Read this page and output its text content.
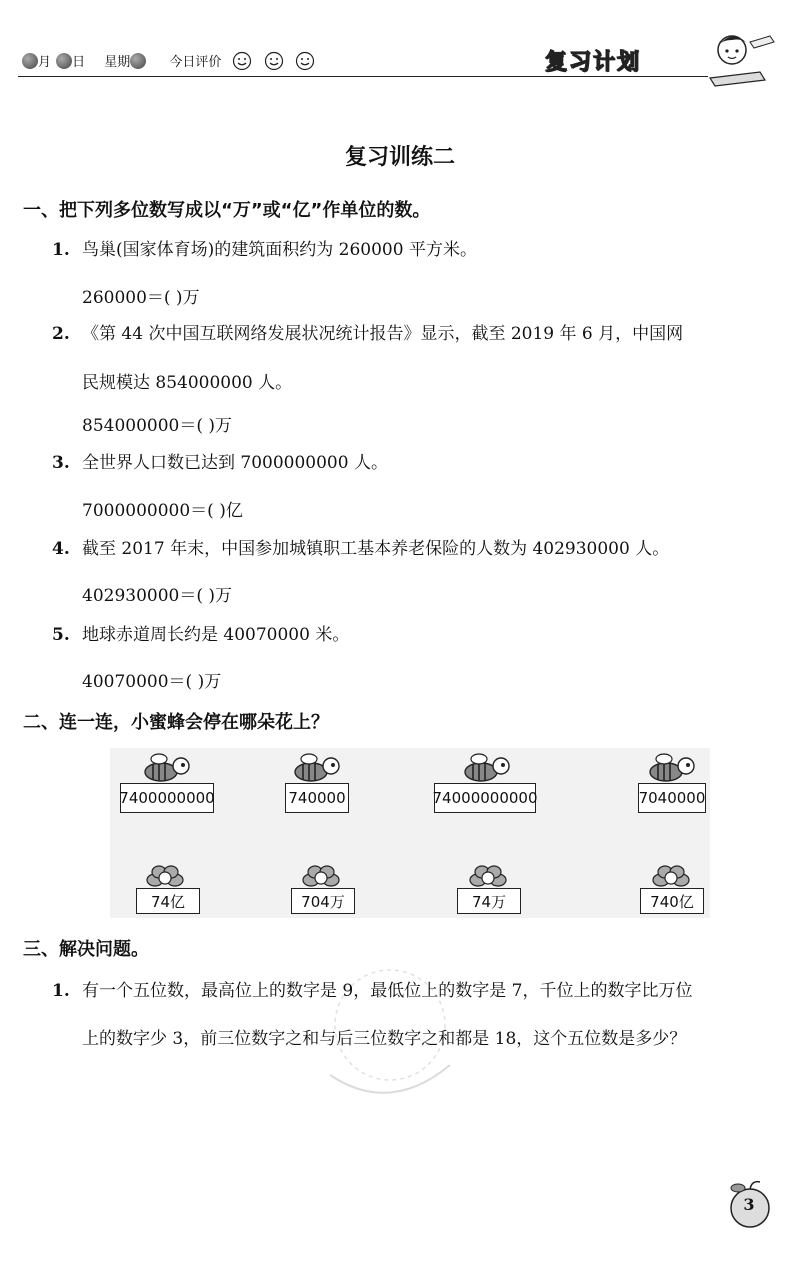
月 日 星期	今日评价	复习计划
复习训练二
一、把下列多位数写成以“万”或“亿”作单位的数。
1. 鸟巢(国家体育场)的建筑面积约为 260000 平方米。
260000＝( )万
2. 《第 44 次中国互联网络发展状况统计报告》显示，截至 2019 年 6 月，中国网
民规模达 854000000 人。
854000000＝( )万
3. 全世界人口数已达到 7000000000 人。
7000000000＝( )亿
4. 截至 2017 年末，中国参加城镇职工基本养老保险的人数为 402930000 人。
402930000＝( )万
5. 地球赤道周长约是 40070000 米。
40070000＝( )万
二、连一连，小蜜蜂会停在哪朵花上？
7400000000	740000	74000000000	7040000
74亿	704万	74万	740亿
三、解决问题。
1. 有一个五位数，最高位上的数字是 9，最低位上的数字是 7，千位上的数字比万位
上的数字少 3，前三位数字之和与后三位数字之和都是 18，这个五位数是多少？
3
